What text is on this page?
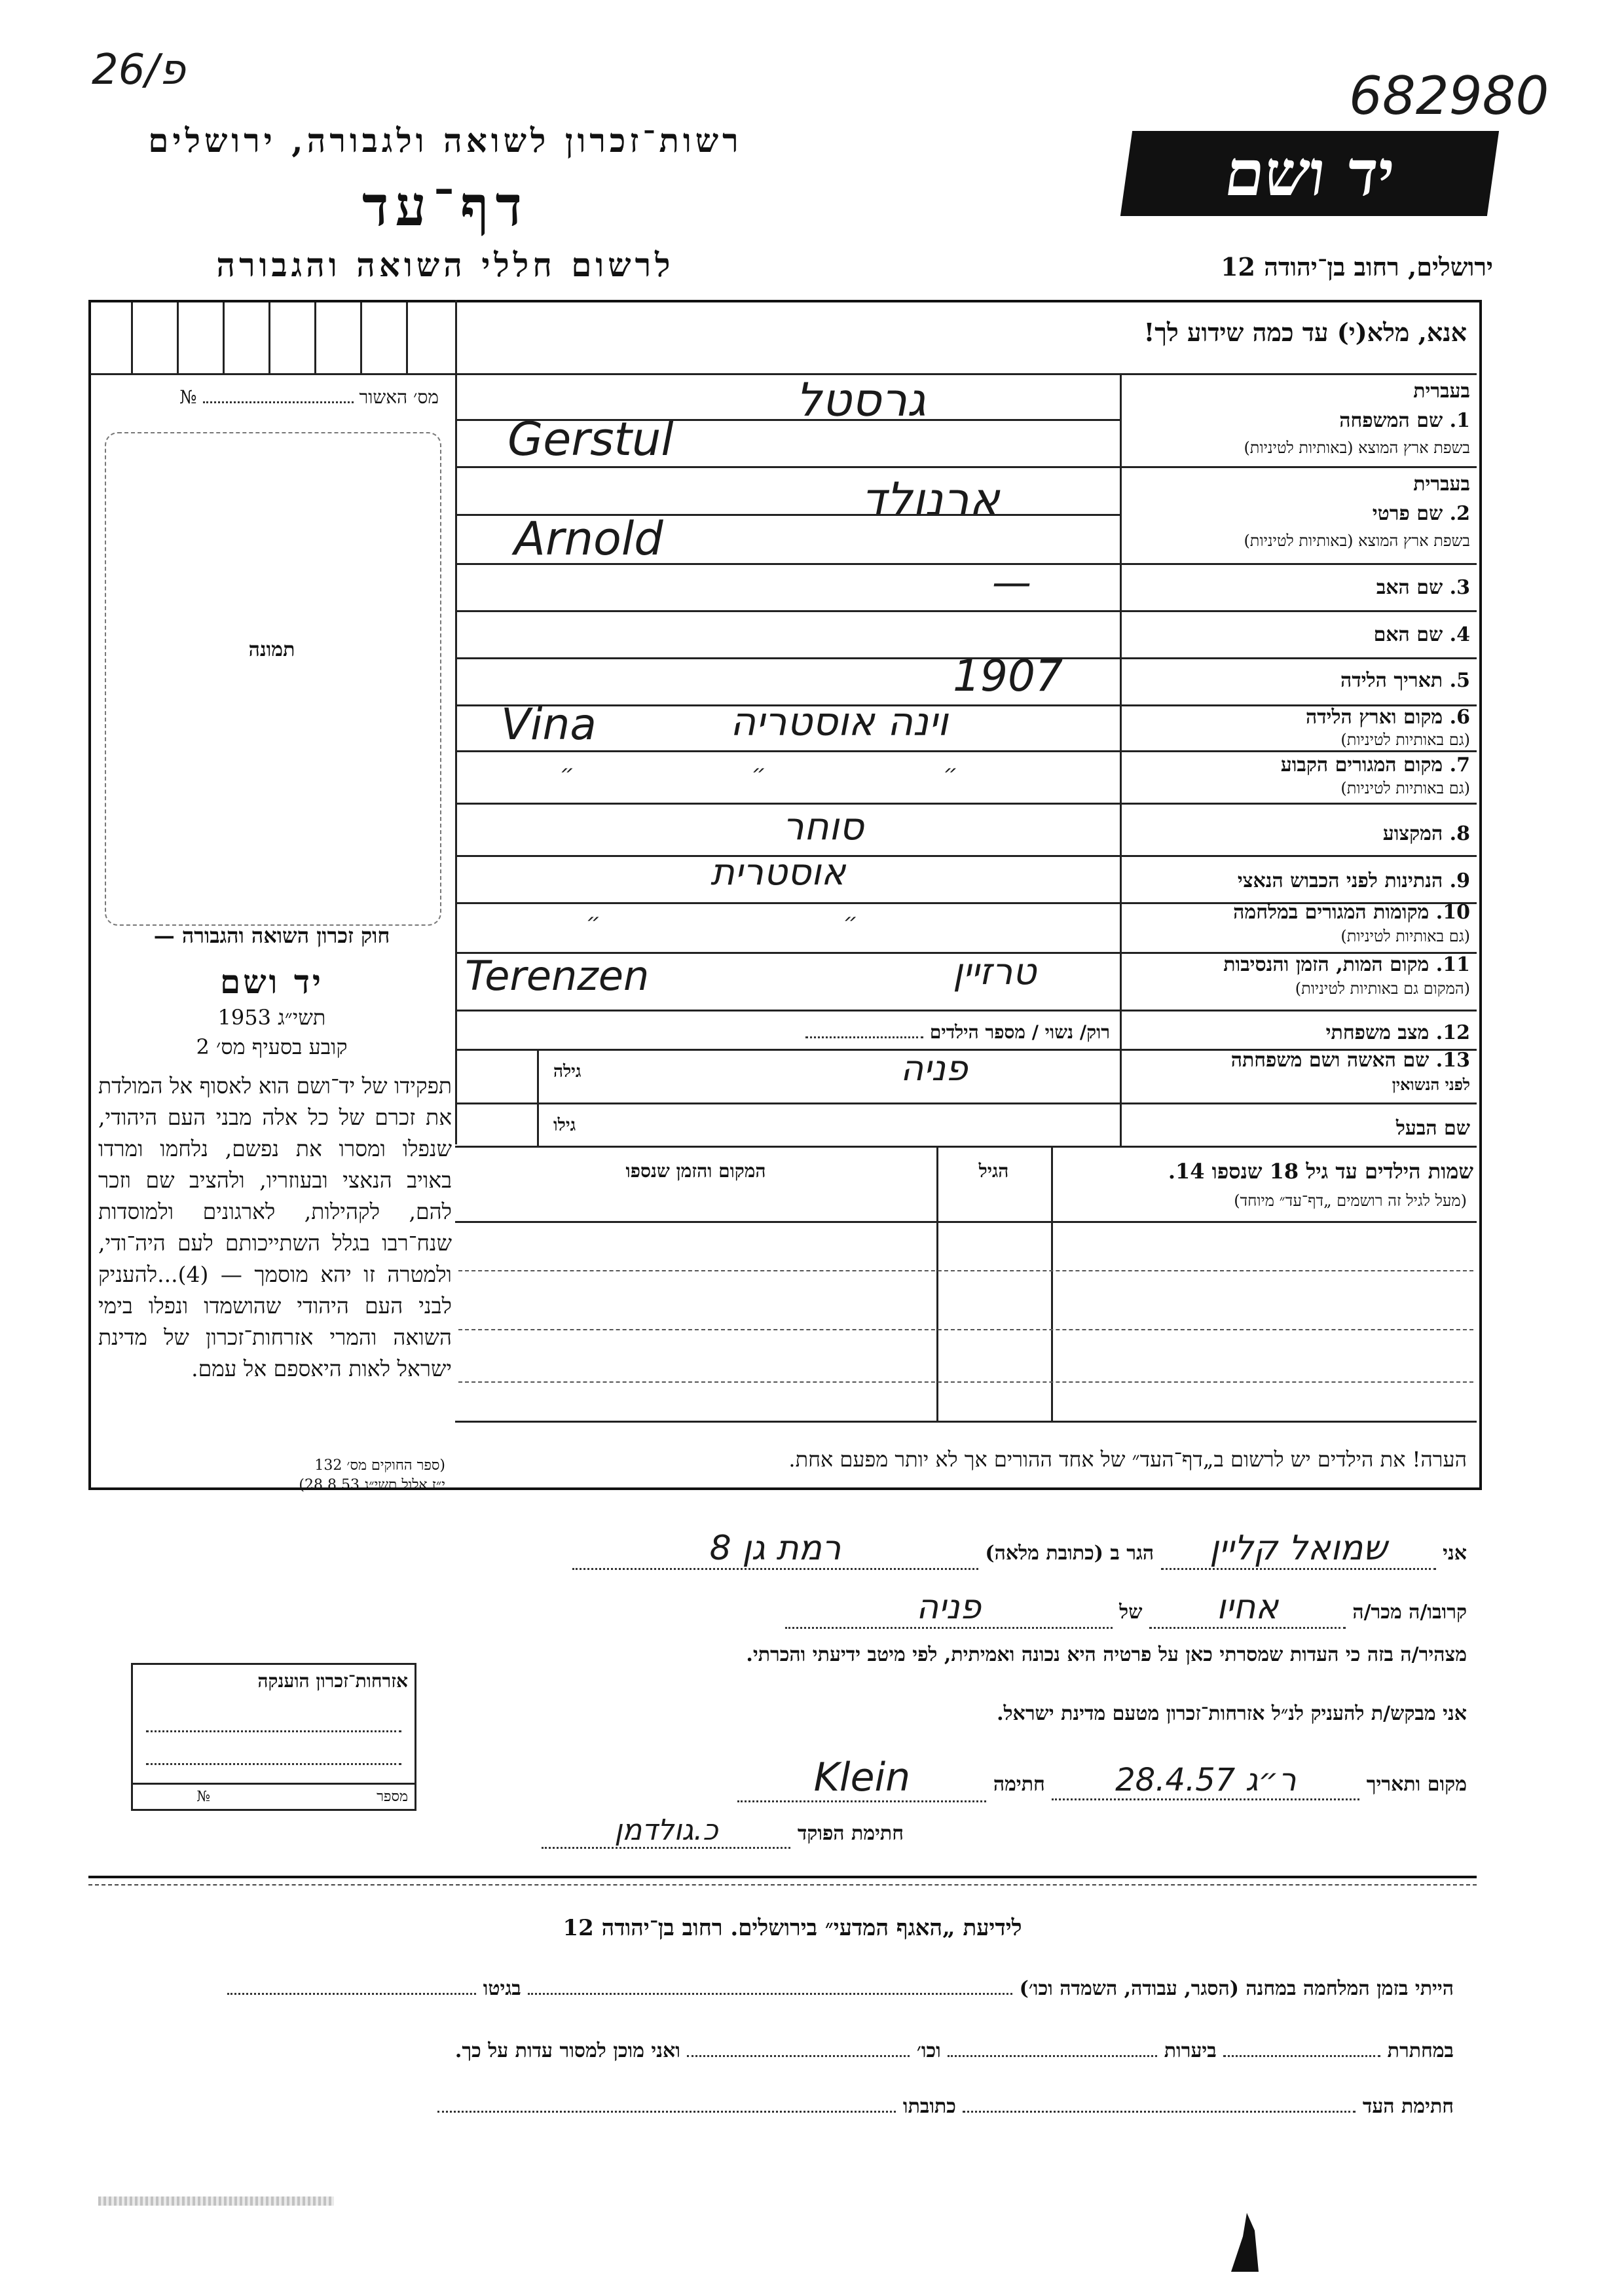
26/פ	682980
רשות־זכרון לשואה ולגבורה, ירושלים
דף־עד
לרשום חללי השואה והגבורה
יד ושם
ירושלים, רחוב בן־יהודה 12
אנא, מלא(י) עד כמה שידוע לך!
מס׳ האשור  №
תמונה
חוק זכרון השואה והגבורה —
יד ושם
תשי״ג 1953
קובע בסעיף מס׳ 2
תפקידו של יד־ושם הוא לאסוף אל המולדת את זכרם של כל אלה מבני העם היהודי, שנפלו ומסרו את נפשם, נלחמו ומרדו באויב הנאצי ובעוזריו, ולהציב שם וזכר להם, לקהילות, לארגונים ולמוסדות שנח־רבו בגלל השתייכותם לעם היה־ודי, ולמטרה זו יהא מוסמך — (4)...להעניק לבני העם היהודי שהושמדו ונפלו בימי השואה והמרי אזרחות־זכרון של מדינת ישראל לאות היאספם אל עמם.
(ספר החוקים מס׳ 132
י״ז אלול תשי״ג 28.8.53)
בעברית
1. שם המשפחה
בשפת ארץ המוצא (באותיות לטיניות)
גרסטל
Gerstul
בעברית
2. שם פרטי
בשפת ארץ המוצא (באותיות לטיניות)
ארנולד
Arnold
3. שם האב
—
4. שם האם
5. תאריך הלידה
1907
6. מקום וארץ הלידה
(גם באותיות לטיניות)
וינה אוסטריה
Vina
7. מקום המגורים הקבוע
(גם באותיות לטיניות)
״ ״ ״
8. המקצוע
סוחר
9. הנתינות לפני הכבוש הנאצי
אוסטרית
10. מקומות המגורים במלחמה
(גם באותיות לטיניות)
״ ״
11. מקום המות, הזמן והנסיבות
(המקום גם באותיות לטיניות)
טרזיין
Terenzen
12. מצב משפחתי
רוק/ נשוי / מספר הילדים
13. שם האשה ושם משפחתה
לפני הנשואין
גילה	פניה
שם הבעל
גילו
שמות הילדים עד גיל 18 שנספו 14.
(מעל לגיל זה רושמים „דף־עד״ מיוחד)
הגיל
המקום והזמן שנספו
הערה! את הילדים יש לרשום ב„דף־העד״ של אחד ההורים אך לא יותר מפעם אחת.
אני שמואל קליין הגר ב (כתובת מלאה) רמת גן 8
קרובו/ה מכר/ה אחיו של פניה
מצהיר/ה בזה כי העדות שמסרתי כאן על פרטיה היא נכונה ואמיתית, לפי מיטב ידיעתי והכרתי.
אני מבקש/ת להעניק לנ״ל אזרחות־זכרון מטעם מדינת ישראל.
מקום ותאריך ר״ג 28.4.57 חתימה Klein
חתימת הפוקד כ.גולדמן
אזרחות־זכרון הוענקה
מספר  №
לידיעת „האגף המדעי״ בירושלים. רחוב בן־יהודה 12
הייתי בזמן המלחמה במחנה (הסגר, עבודה, השמדה וכו׳)  בגיטו
במחתרת  ביערות  וכו׳  ואני מוכן למסור עדות על כך.
חתימת העד  כתובתו
